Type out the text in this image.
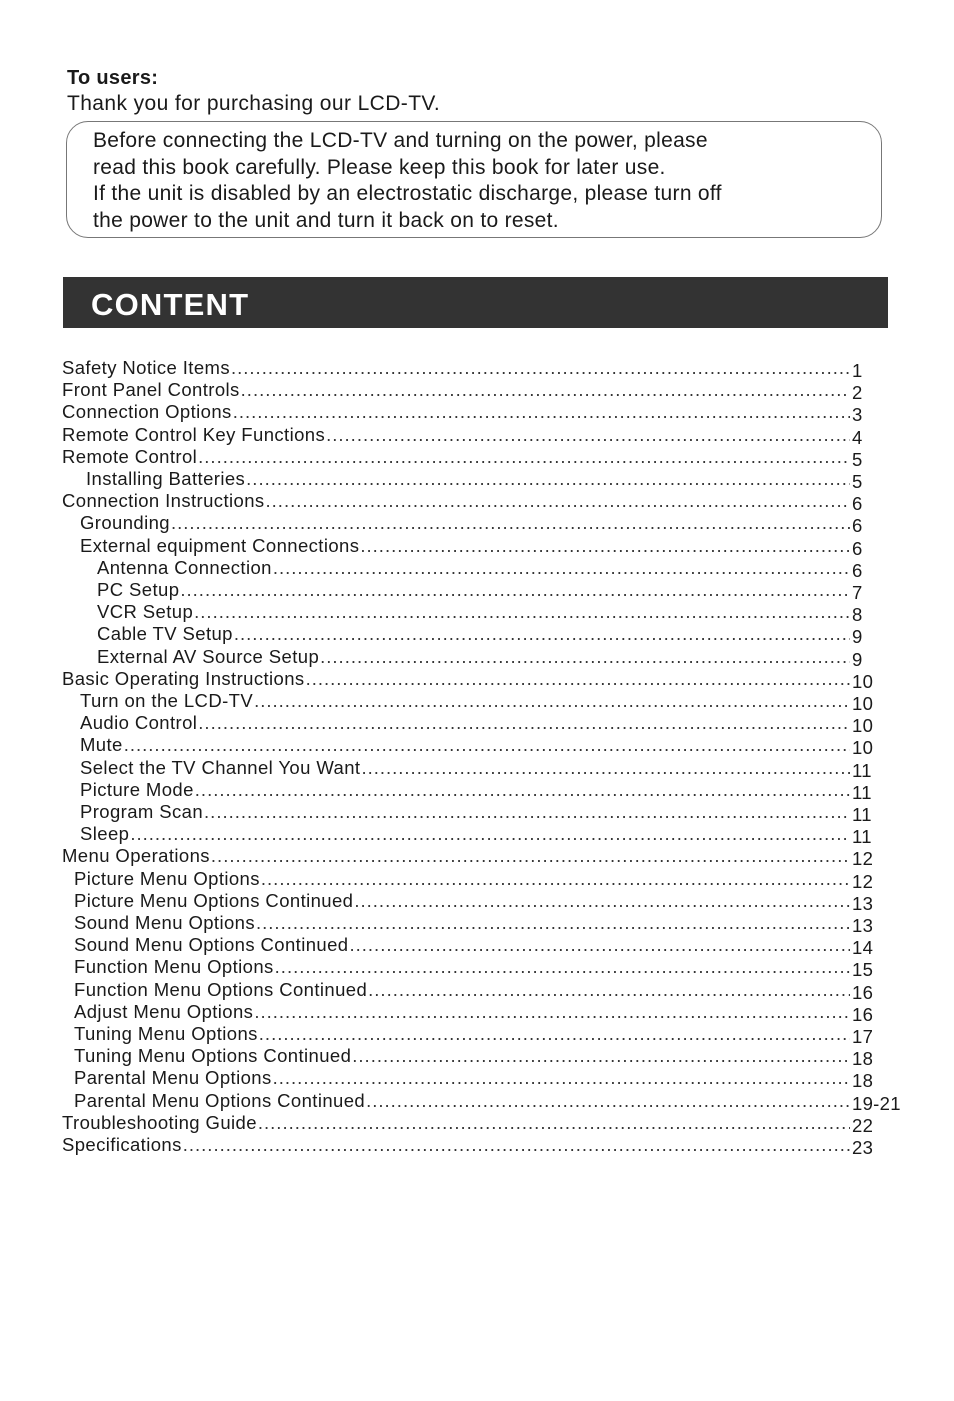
To users:
Thank you for purchasing our LCD-TV.
Before connecting the LCD-TV and turning on the power, please
read this book carefully. Please keep this book for later use.
If the unit is disabled by an electrostatic discharge, please turn off
the power to the unit and turn it back on to reset.
CONTENT
Safety Notice Items .....	1
Front Panel Controls .....	2
Connection Options .....	3
Remote Control Key Functions .....	4
Remote Control .....	5
Installing Batteries .....	5
Connection Instructions .....	6
Grounding .....	6
External equipment Connections .....	6
Antenna Connection .....	6
PC Setup .....	7
VCR Setup .....	8
Cable TV Setup .....	9
External AV Source Setup .....	9
Basic Operating Instructions .....	10
Turn on the LCD-TV .....	10
Audio Control .....	10
Mute .....	10
Select the TV Channel You Want .....	11
Picture Mode .....	11
Program Scan .....	11
Sleep .....	11
Menu Operations .....	12
Picture Menu Options .....	12
Picture Menu Options Continued .....	13
Sound Menu Options .....	13
Sound Menu Options Continued .....	14
Function Menu Options .....	15
Function Menu Options Continued .....	16
Adjust Menu Options .....	16
Tuning Menu Options .....	17
Tuning Menu Options Continued .....	18
Parental Menu Options .....	18
Parental Menu Options Continued .....	19-21
Troubleshooting Guide .....	22
Specifications .....	23
